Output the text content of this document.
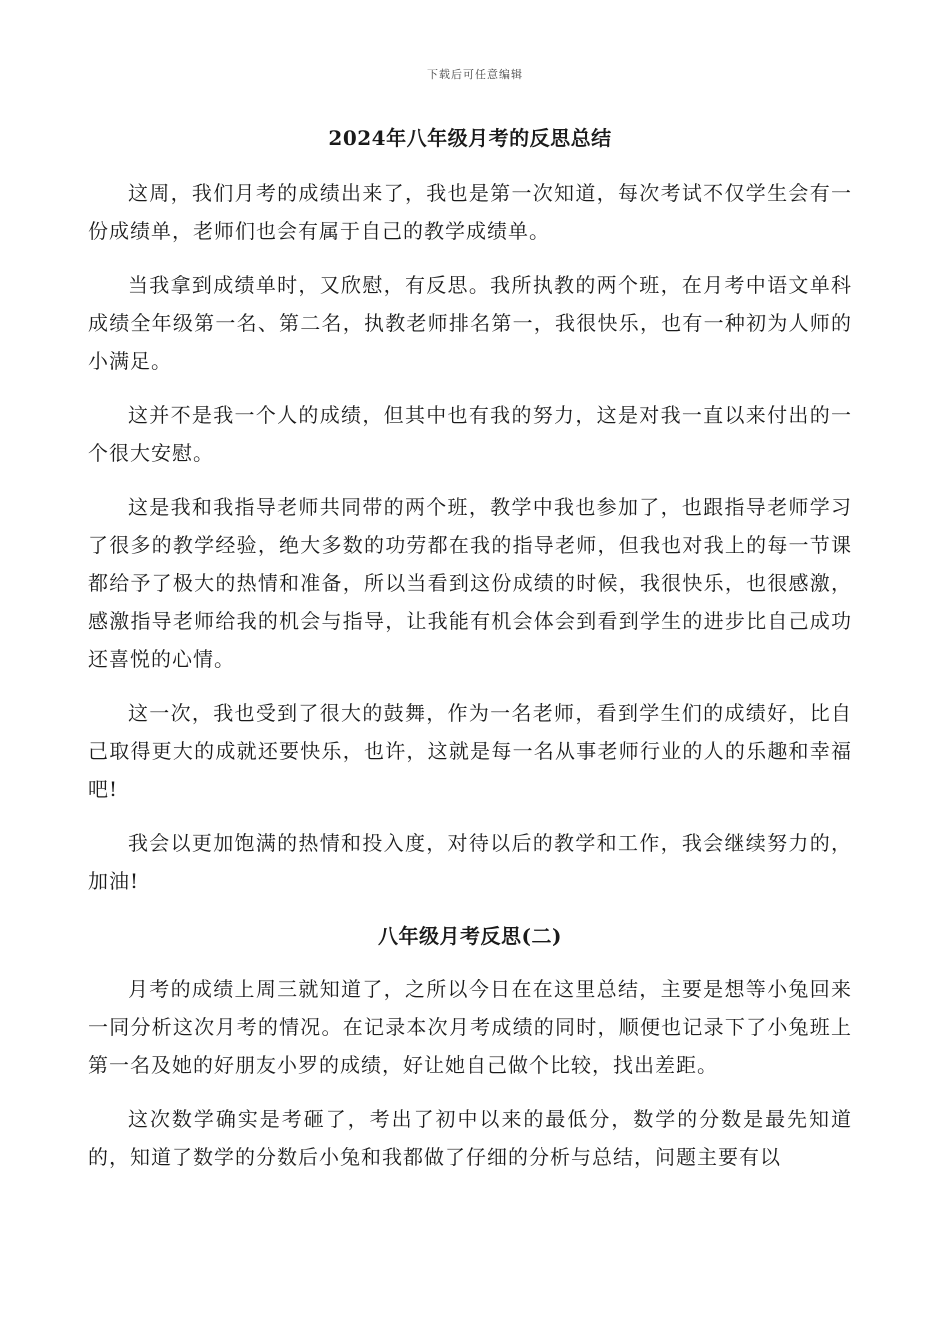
下载后可任意编辑
2024年八年级月考的反思总结

这周，我们月考的成绩出来了，我也是第一次知道，每次考试不仅学生会有一份成绩单，老师们也会有属于自己的教学成绩单。

当我拿到成绩单时，又欣慰，有反思。我所执教的两个班，在月考中语文单科成绩全年级第一名、第二名，执教老师排名第一，我很快乐，也有一种初为人师的小满足。

这并不是我一个人的成绩，但其中也有我的努力，这是对我一直以来付出的一个很大安慰。

这是我和我指导老师共同带的两个班，教学中我也参加了，也跟指导老师学习了很多的教学经验，绝大多数的功劳都在我的指导老师，但我也对我上的每一节课都给予了极大的热情和准备，所以当看到这份成绩的时候，我很快乐，也很感激，感激指导老师给我的机会与指导，让我能有机会体会到看到学生的进步比自己成功还喜悦的心情。

这一次，我也受到了很大的鼓舞，作为一名老师，看到学生们的成绩好，比自己取得更大的成就还要快乐，也许，这就是每一名从事老师行业的人的乐趣和幸福吧!

我会以更加饱满的热情和投入度，对待以后的教学和工作，我会继续努力的，加油!

八年级月考反思(二)

月考的成绩上周三就知道了，之所以今日在在这里总结，主要是想等小兔回来一同分析这次月考的情况。在记录本次月考成绩的同时，顺便也记录下了小兔班上第一名及她的好朋友小罗的成绩，好让她自己做个比较，找出差距。

这次数学确实是考砸了，考出了初中以来的最低分，数学的分数是最先知道的，知道了数学的分数后小兔和我都做了仔细的分析与总结，问题主要有以
